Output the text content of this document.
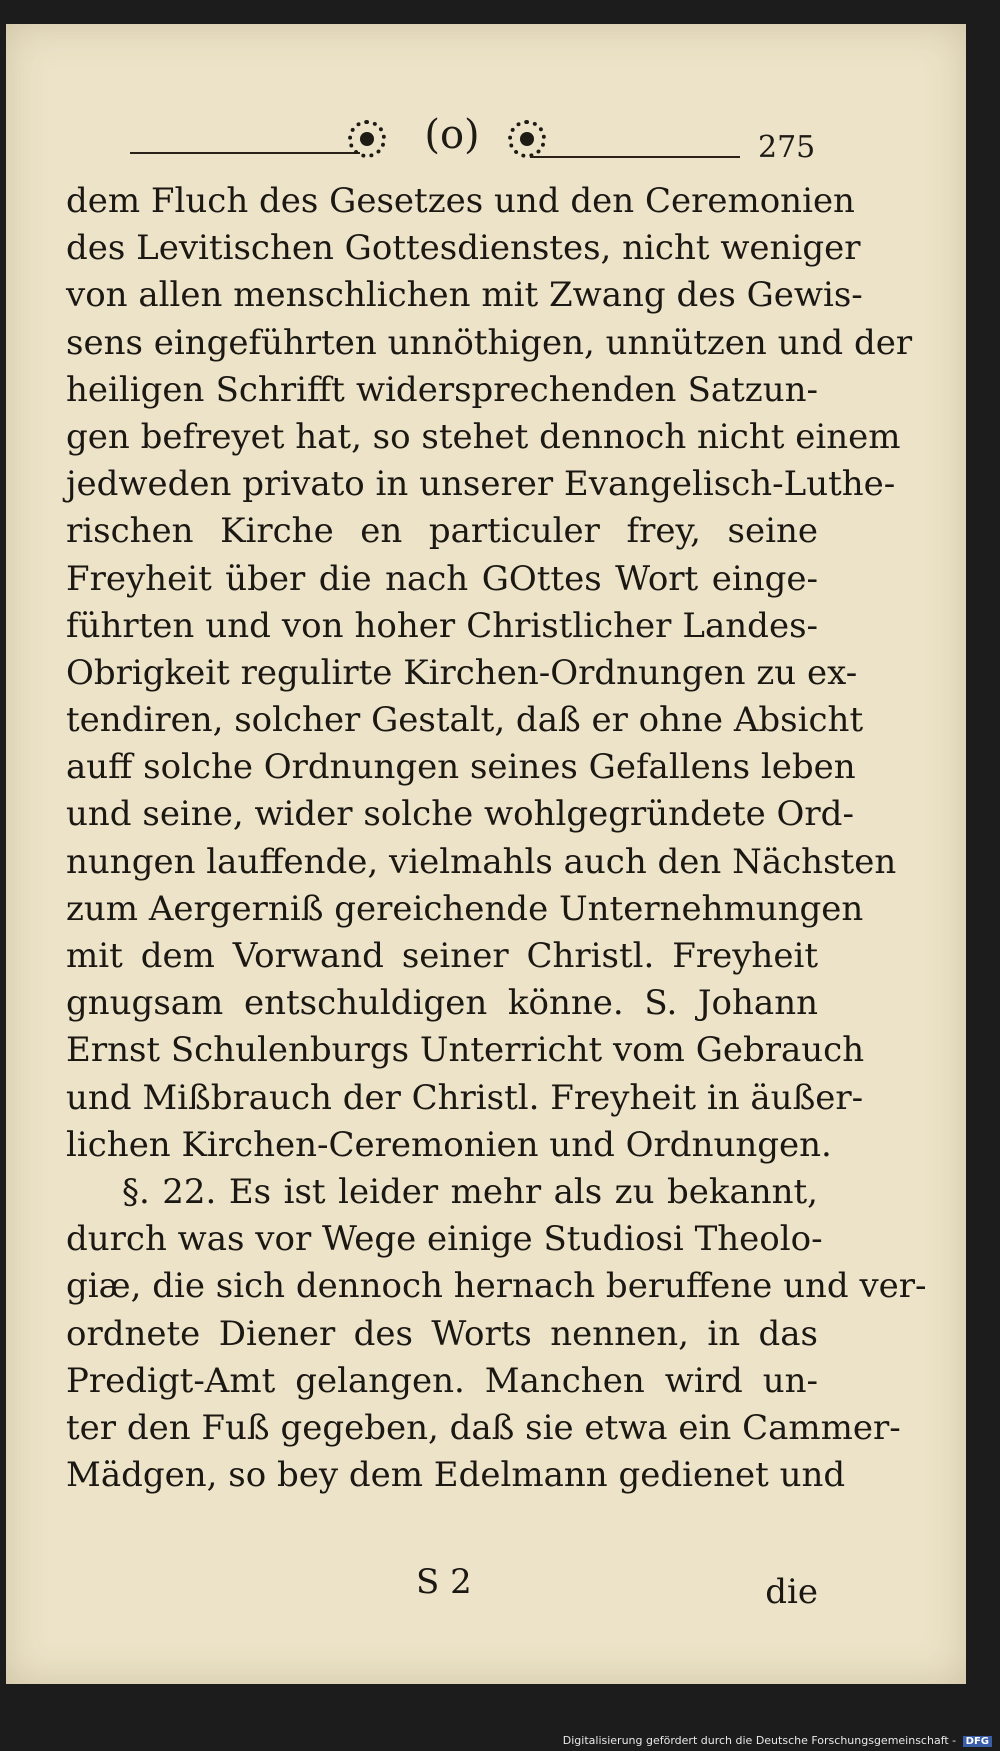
(o)	275
dem Fluch des Gesetzes und den Ceremonien
des Levitischen Gottesdienstes, nicht weniger
von allen menschlichen mit Zwang des Gewis-
sens eingeführten unnöthigen, unnützen und der
heiligen Schrifft widersprechenden Satzun-
gen befreyet hat, so stehet dennoch nicht einem
jedweden privato in unserer Evangelisch-Luthe-
rischen Kirche en particuler frey, seine
Freyheit über die nach GOttes Wort einge-
führten und von hoher Christlicher Landes-
Obrigkeit regulirte Kirchen-Ordnungen zu ex-
tendiren, solcher Gestalt, daß er ohne Absicht
auff solche Ordnungen seines Gefallens leben
und seine, wider solche wohlgegründete Ord-
nungen lauffende, vielmahls auch den Nächsten
zum Aergerniß gereichende Unternehmungen
mit dem Vorwand seiner Christl. Freyheit
gnugsam entschuldigen könne. S. Johann
Ernst Schulenburgs Unterricht vom Gebrauch
und Mißbrauch der Christl. Freyheit in äußer-
lichen Kirchen-Ceremonien und Ordnungen.
§. 22. Es ist leider mehr als zu bekannt,
durch was vor Wege einige Studiosi Theolo-
giæ, die sich dennoch hernach beruffene und ver-
ordnete Diener des Worts nennen, in das
Predigt-Amt gelangen. Manchen wird un-
ter den Fuß gegeben, daß sie etwa ein Cammer-
Mädgen, so bey dem Edelmann gedienet und
S 2	die
Digitalisierung gefördert durch die Deutsche Forschungsgemeinschaft - DFG
